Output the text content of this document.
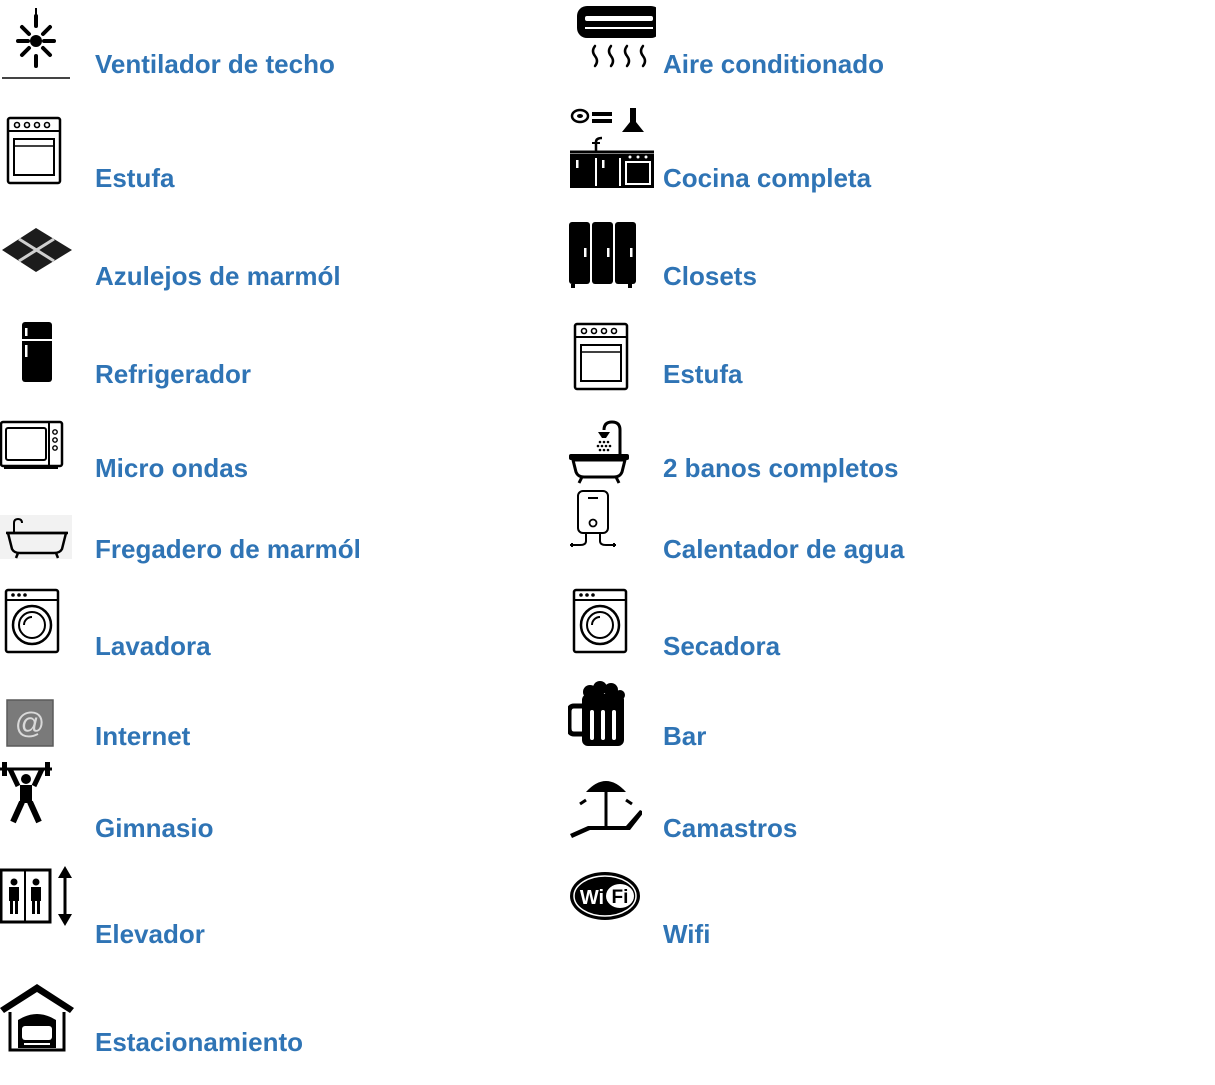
Ventilador de techo
Estufa
Azulejos de marmól
Refrigerador
Micro ondas
Fregadero de marmól
Lavadora
@ Internet
Gimnasio
Elevador
Estacionamiento
Aire conditionado
Cocina completa
Closets
Estufa
2 banos completos
Calentador de agua
Secadora
Bar
Camastros
Wi Fi
Wifi
